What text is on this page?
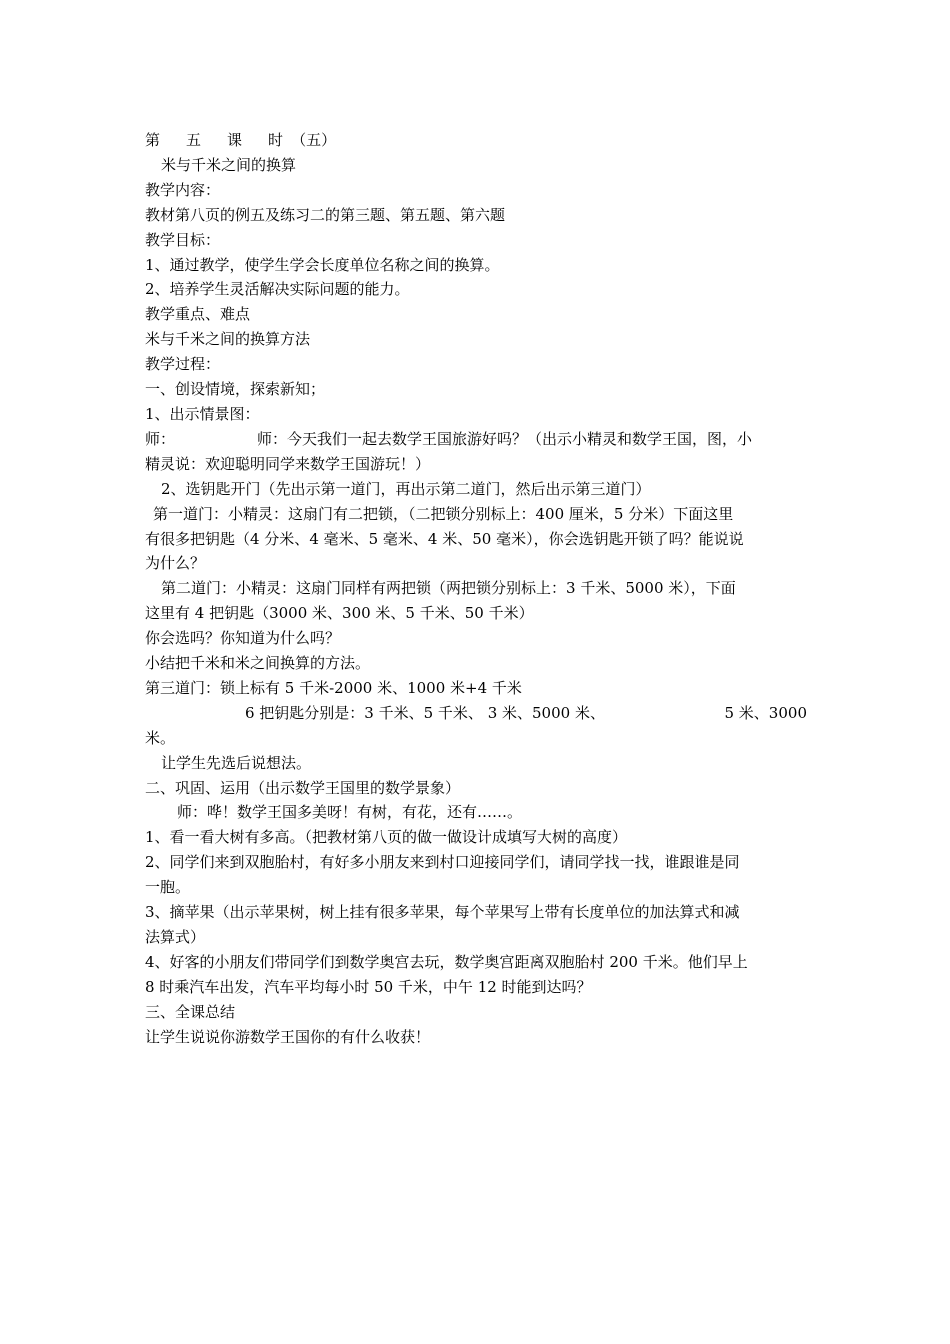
第 五 课 时 （五）

米与千米之间的换算

教学内容：

教材第八页的例五及练习二的第三题、第五题、第六题

教学目标：

1、通过教学，使学生学会长度单位名称之间的换算。

2、培养学生灵活解决实际问题的能力。

教学重点、难点

米与千米之间的换算方法

教学过程：

一、创设情境，探索新知；

1、出示情景图：

师：	师：今天我们一起去数学王国旅游好吗？（出示小精灵和数学王国，图，小

精灵说：欢迎聪明同学来数学王国游玩！）

2、选钥匙开门（先出示第一道门，再出示第二道门，然后出示第三道门）

第一道门：小精灵：这扇门有二把锁，（二把锁分别标上：400 厘米，5 分米）下面这里

有很多把钥匙（4 分米、4 毫米、5 毫米、4 米、50 毫米），你会选钥匙开锁了吗？能说说

为什么？

第二道门：小精灵：这扇门同样有两把锁（两把锁分别标上：3 千米、5000 米），下面

这里有 4 把钥匙（3000 米、300 米、5 千米、50 千米）

你会选吗？你知道为什么吗？

小结把千米和米之间换算的方法。

第三道门：锁上标有 5 千米-2000 米、1000 米+4 千米

6 把钥匙分别是：3 千米、5 千米、 3 米、5000 米、	5 米、3000

米。

让学生先选后说想法。

二、巩固、运用（出示数学王国里的数学景象）

师：哗！数学王国多美呀！有树，有花，还有……。

1、看一看大树有多高。（把教材第八页的做一做设计成填写大树的高度）

2、同学们来到双胞胎村，有好多小朋友来到村口迎接同学们，请同学找一找，谁跟谁是同

一胞。

3、摘苹果（出示苹果树，树上挂有很多苹果，每个苹果写上带有长度单位的加法算式和减

法算式）

4、好客的小朋友们带同学们到数学奥宫去玩，数学奥宫距离双胞胎村 200 千米。他们早上

8 时乘汽车出发，汽车平均每小时 50 千米，中午 12 时能到达吗？

三、全课总结

让学生说说你游数学王国你的有什么收获！
